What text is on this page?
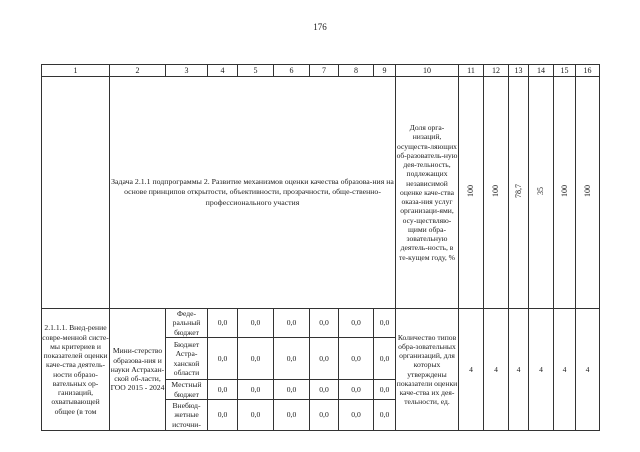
176
1	2	3	4	5	6	7	8	9	10	11	12	13	14	15	16
	Задача 2.1.1 подпрограммы 2. Развитие механизмов оценки качества образова-ния на основе принципов открытости, объективности, прозрачности, обще-ственно-профессионального участия								Доля орга-низаций, осуществ-ляющих об-разователь-ную дея-тельность, подлежащих независимой оценке каче-ства оказа-ния услуг организаци-ями, осу-ществляю-щими обра-зовательную деятель-ность, в те-кущем году, %	100	100	78,7	35	100	100
2.1.1.1. Внед-рение совре-менной систе-мы критериев и показателей оценки каче-ства деятель-ности образо-вательных ор-ганизаций, охватывающей общее (в том	Мини-стерство образова-ния и науки Астрахан-ской об-ласти, ГОО 2015 - 2024	Феде-ральный бюджет	0,0	0,0	0,0	0,0	0,0	0,0	Количество типов обра-зовательных организаций, для которых утверждены показатели оценки каче-ства их дея-тельности, ед.	4	4	4	4	4	4
		Бюджет Астра-ханской области	0,0	0,0	0,0	0,0	0,0	0,0							
		Местный бюджет	0,0	0,0	0,0	0,0	0,0	0,0							
		Внебюд-жетные источни-	0,0	0,0	0,0	0,0	0,0	0,0							
